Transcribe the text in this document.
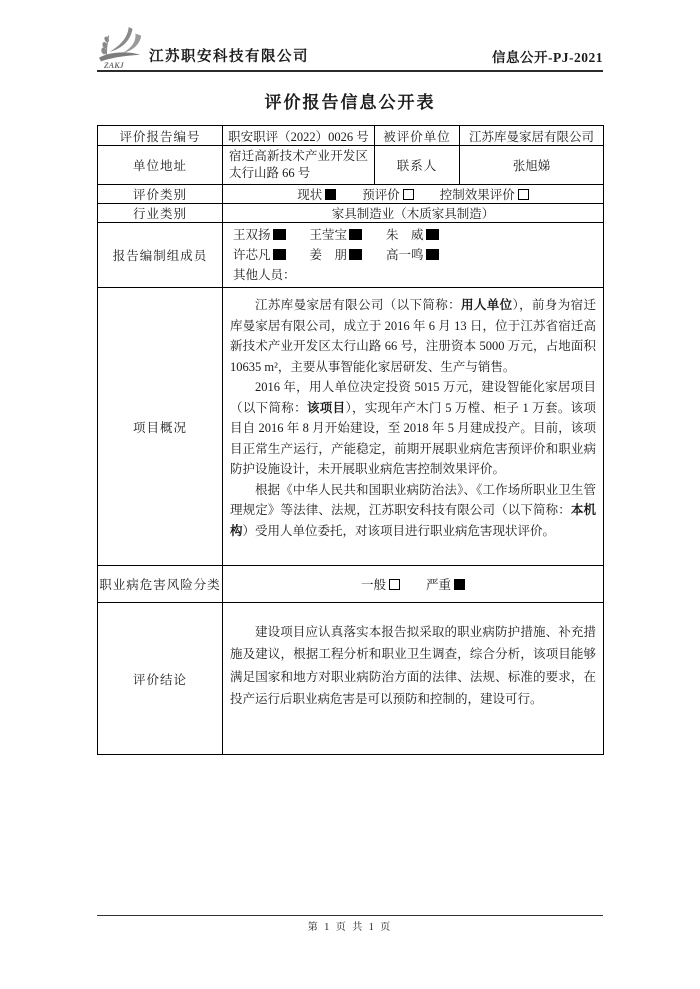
ZAKJ
江苏职安科技有限公司	信息公开-PJ-2021
评价报告信息公开表
评价报告编号	职安职评（2022）0026 号	被评价单位	江苏库曼家居有限公司
单位地址	宿迁高新技术产业开发区太行山路 66 号	联系人	张旭娣
评价类别	现状 预评价 控制效果评价		
行业类别	家具制造业（木质家具制造）		
报告编制组成员	
王双扬	王莹宝	朱　威
许芯凡	姜　朋	高一鸣
其他人员：

项目概况	江苏库曼家居有限公司（以下简称：用人单位），前身为宿迁库曼家居有限公司，成立于 2016 年 6 月 13 日，位于江苏省宿迁高新技术产业开发区太行山路 66 号，注册资本 5000 万元，占地面积 10635 m²，主要从事智能化家居研发、生产与销售。

2016 年，用人单位决定投资 5015 万元，建设智能化家居项目（以下简称：该项目），实现年产木门 5 万樘、柜子 1 万套。该项目自 2016 年 8 月开始建设，至 2018 年 5 月建成投产。目前，该项目正常生产运行，产能稳定，前期开展职业病危害预评价和职业病防护设施设计，未开展职业病危害控制效果评价。

根据《中华人民共和国职业病防治法》、《工作场所职业卫生管理规定》等法律、法规，江苏职安科技有限公司（以下简称：本机构）受用人单位委托，对该项目进行职业病危害现状评价。		

职业病危害风险分类	一般 严重		
评价结论	建设项目应认真落实本报告拟采取的职业病防护措施、补充措施及建议，根据工程分析和职业卫生调查，综合分析，该项目能够满足国家和地方对职业病防治方面的法律、法规、标准的要求，在投产运行后职业病危害是可以预防和控制的，建设可行。		

第 1 页 共 1 页
